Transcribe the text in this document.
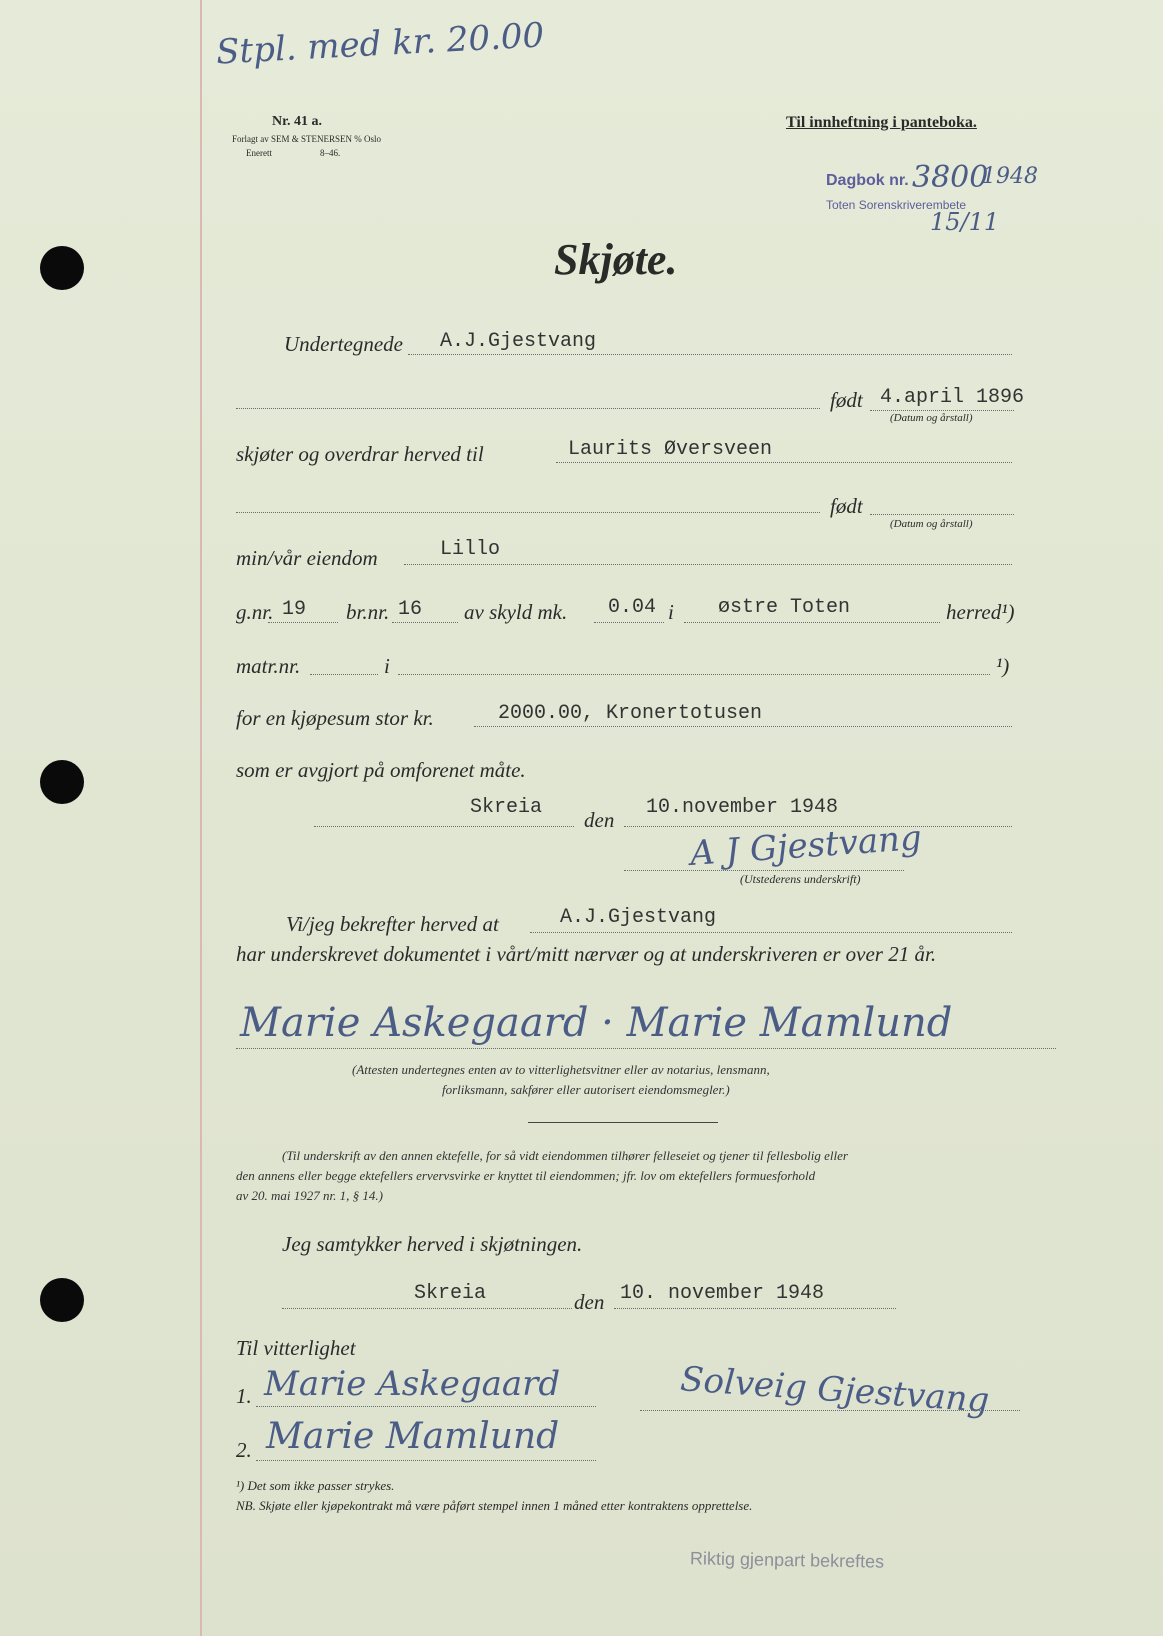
Stpl. med kr. 20.00
Nr. 41 a.
Forlagt av SEM & STENERSEN % Oslo
Enerett	8–46.
Til innheftning i panteboka.
Dagbok nr. 3800
1948
Toten Sorenskriverembete
15/11
Skjøte.
Undertegnede A.J.Gjestvang
født 4.april 1896
(Datum og årstall)
skjøter og overdrar herved til	Laurits Øversveen
født
(Datum og årstall)
min/vår eiendom	Lillo
g.nr. 19 br.nr. 16 av skyld mk. 0.04 i østre Toten	herred¹)
matr.nr.	i	¹)
for en kjøpesum stor kr.	2000.00, Kronertotusen
som er avgjort på omforenet måte.
Skreia
den
10.november 1948
A J Gjestvang
(Utstederens underskrift)
Vi/jeg bekrefter herved at	A.J.Gjestvang
har underskrevet dokumentet i vårt/mitt nærvær og at underskriveren er over 21 år.
Marie Askegaard · Marie Mamlund
(Attesten undertegnes enten av to vitterlighetsvitner eller av notarius, lensmann,
forliksmann, sakfører eller autorisert eiendomsmegler.)
(Til underskrift av den annen ektefelle, for så vidt eiendommen tilhører felleseiet og tjener til fellesbolig eller
den annens eller begge ektefellers ervervsvirke er knyttet til eiendommen; jfr. lov om ektefellers formuesforhold
av 20. mai 1927 nr. 1, § 14.)
Jeg samtykker herved i skjøtningen.
Skreia	den 10. november 1948
Til vitterlighet
1. Marie Askegaard	Solveig Gjestvang
2. Marie Mamlund
¹) Det som ikke passer strykes.
NB. Skjøte eller kjøpekontrakt må være påført stempel innen 1 måned etter kontraktens opprettelse.
Riktig gjenpart bekreftes
